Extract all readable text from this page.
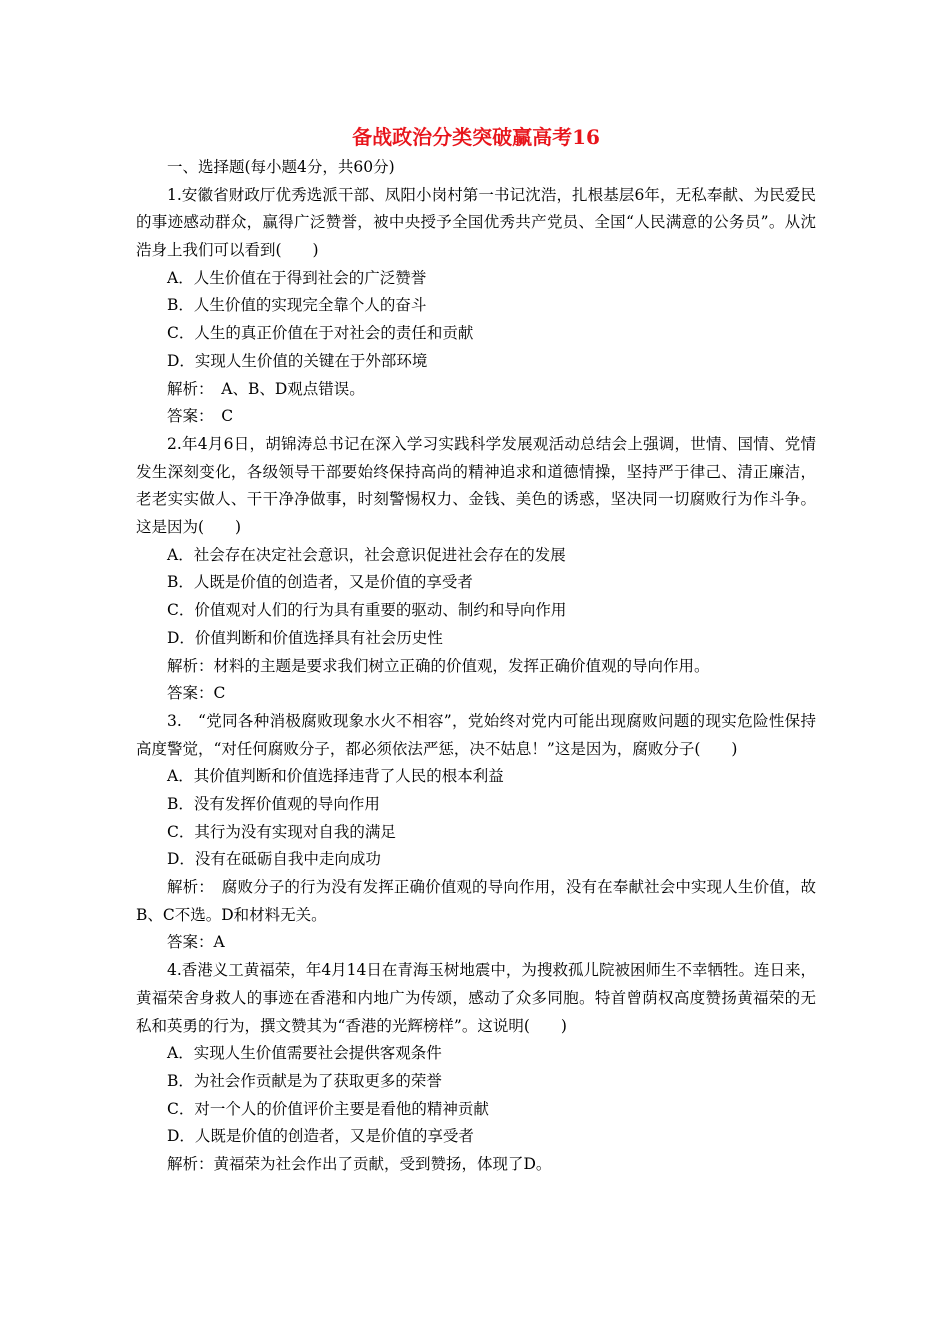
备战政治分类突破赢高考16

一、选择题(每小题4分，共60分)

1.安徽省财政厅优秀选派干部、凤阳小岗村第一书记沈浩，扎根基层6年，无私奉献、为民爱民的事迹感动群众，赢得广泛赞誉，被中央授予全国优秀共产党员、全国“人民满意的公务员”。从沈浩身上我们可以看到(　　)

A．人生价值在于得到社会的广泛赞誉

B．人生价值的实现完全靠个人的奋斗

C．人生的真正价值在于对社会的责任和贡献

D．实现人生价值的关键在于外部环境

解析：　A、B、D观点错误。

答案：　C

2.年4月6日，胡锦涛总书记在深入学习实践科学发展观活动总结会上强调，世情、国情、党情发生深刻变化，各级领导干部要始终保持高尚的精神追求和道德情操，坚持严于律己、清正廉洁，老老实实做人、干干净净做事，时刻警惕权力、金钱、美色的诱惑，坚决同一切腐败行为作斗争。这是因为(　　)

A．社会存在决定社会意识，社会意识促进社会存在的发展

B．人既是价值的创造者，又是价值的享受者

C．价值观对人们的行为具有重要的驱动、制约和导向作用

D．价值判断和价值选择具有社会历史性

解析：材料的主题是要求我们树立正确的价值观，发挥正确价值观的导向作用。

答案：C

3.　“党同各种消极腐败现象水火不相容”，党始终对党内可能出现腐败问题的现实危险性保持高度警觉，“对任何腐败分子，都必须依法严惩，决不姑息！”这是因为，腐败分子(　　)

A．其价值判断和价值选择违背了人民的根本利益

B．没有发挥价值观的导向作用

C．其行为没有实现对自我的满足

D．没有在砥砺自我中走向成功

解析：　腐败分子的行为没有发挥正确价值观的导向作用，没有在奉献社会中实现人生价值，故B、C不选。D和材料无关。

答案：A

4.香港义工黄福荣，年4月14日在青海玉树地震中，为搜救孤儿院被困师生不幸牺牲。连日来，黄福荣舍身救人的事迹在香港和内地广为传颂，感动了众多同胞。特首曾荫权高度赞扬黄福荣的无私和英勇的行为，撰文赞其为“香港的光辉榜样”。这说明(　　)

A．实现人生价值需要社会提供客观条件

B．为社会作贡献是为了获取更多的荣誉

C．对一个人的价值评价主要是看他的精神贡献

D．人既是价值的创造者，又是价值的享受者

解析：黄福荣为社会作出了贡献，受到赞扬，体现了D。
